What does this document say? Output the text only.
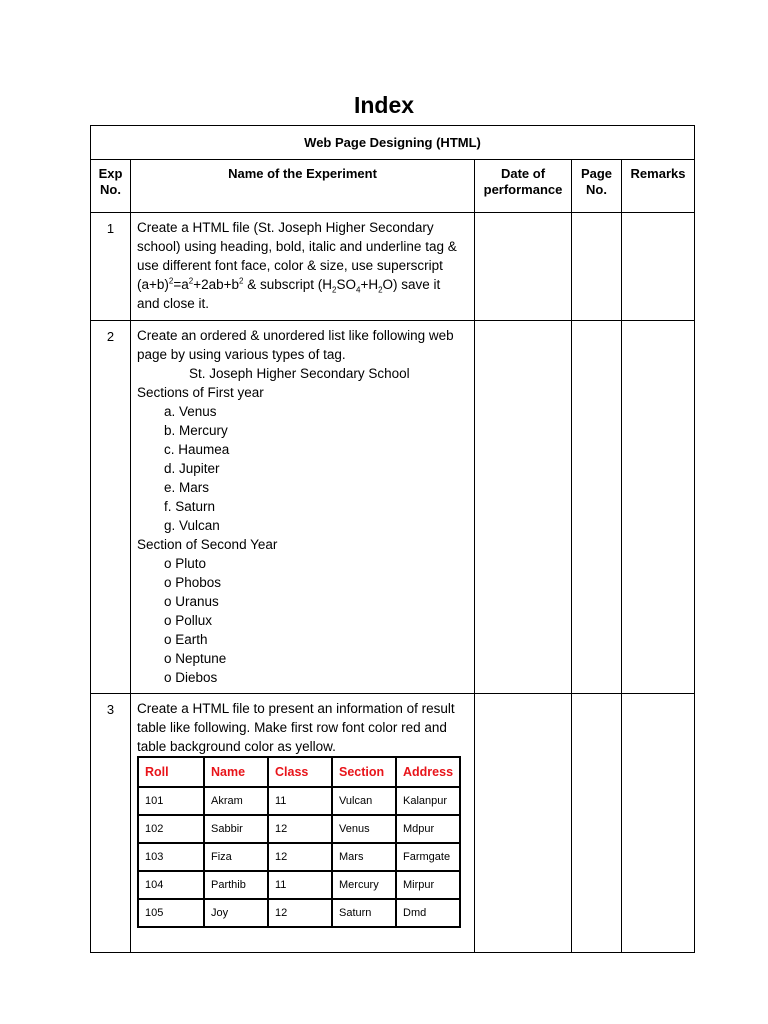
Index
Web Page Designing (HTML)
Exp No.	Name of the Experiment	Date of performance	Page No.	Remarks
1	Create a HTML file (St. Joseph Higher Secondary
school) using heading, bold, italic and underline tag &
use different font face, color & size, use superscript
$(a+b)^2=a^2+2ab+b^2$ & subscript $(H_2SO_4+H_2O)$ save it
and close it.

2	Create an ordered & unordered list like following web
page by using various types of tag.
St. Joseph Higher Secondary School
Sections of First year
a. Venus
b. Mercury
c. Haumea
d. Jupiter
e. Mars
f. Saturn
g. Vulcan
Section of Second Year
o Pluto
o Phobos
o Uranus
o Pollux
o Earth
o Neptune
o Diebos

3	Create a HTML file to present an information of result
table like following. Make first row font color red and
table background color as yellow.
Roll	Name	Class	Section	Address
101	Akram	11	Vulcan	Kalanpur
102	Sabbir	12	Venus	Mdpur
103	Fiza	12	Mars	Farmgate
104	Parthib	11	Mercury	Mirpur
105	Joy	12	Saturn	Dmd
